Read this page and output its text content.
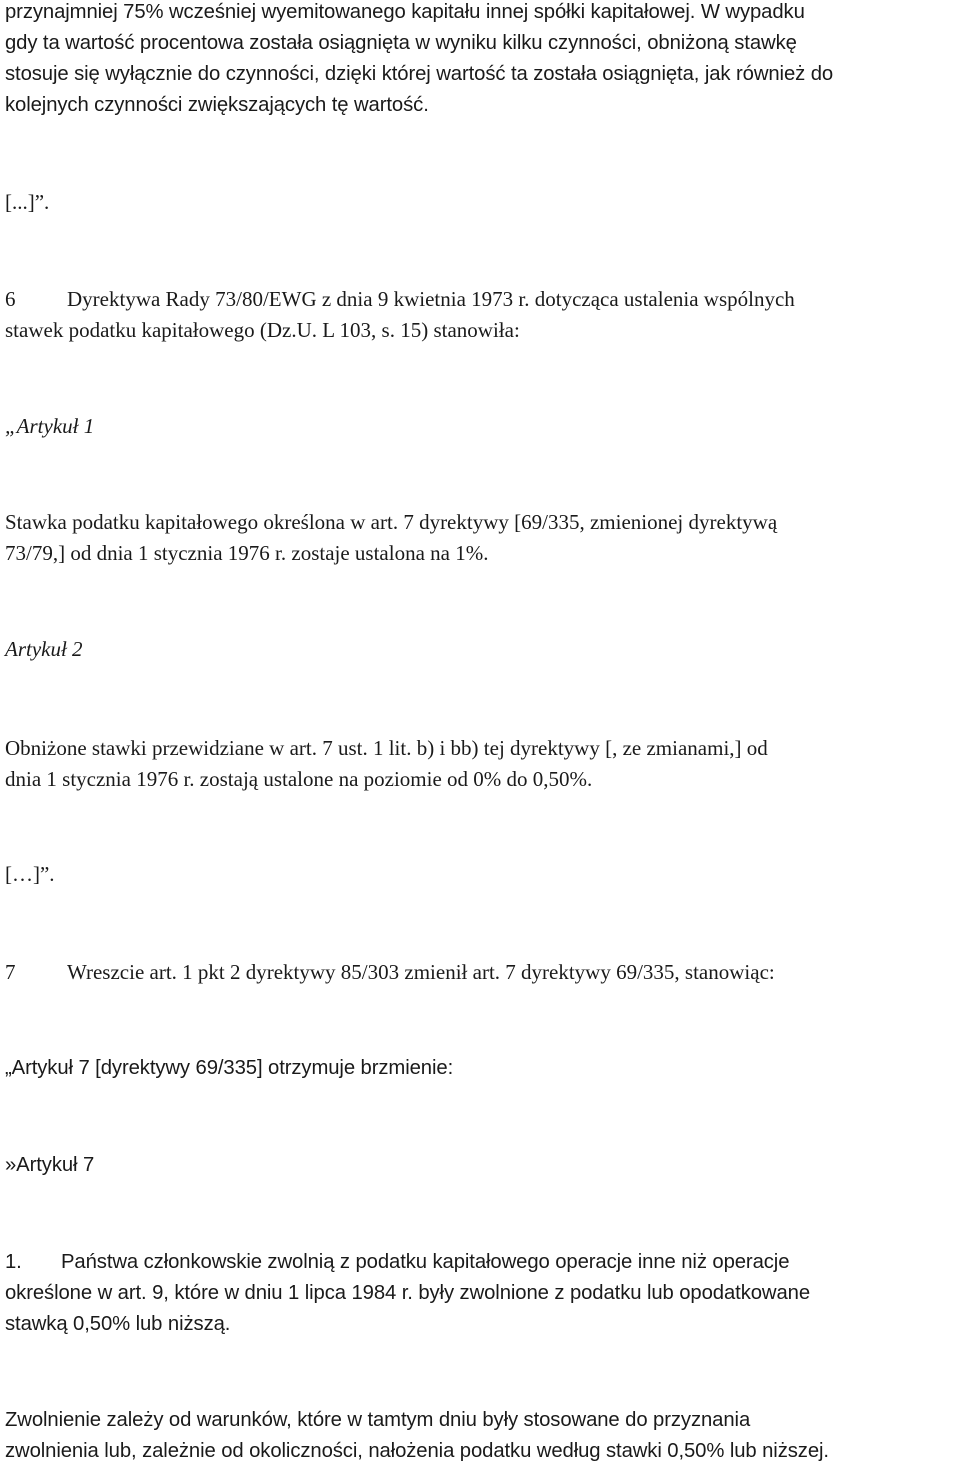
przynajmniej 75% wcześniej wyemitowanego kapitału innej spółki kapitałowej. W wypadku
gdy ta wartość procentowa została osiągnięta w wyniku kilku czynności, obniżoną stawkę
stosuje się wyłącznie do czynności, dzięki której wartość ta została osiągnięta, jak również do
kolejnych czynności zwiększających tę wartość.

[...]”.

6 Dyrektywa Rady 73/80/EWG z dnia 9 kwietnia 1973 r. dotycząca ustalenia wspólnych
stawek podatku kapitałowego (Dz.U. L 103, s. 15) stanowiła:

„Artykuł 1

Stawka podatku kapitałowego określona w art. 7 dyrektywy [69/335, zmienionej dyrektywą
73/79,] od dnia 1 stycznia 1976 r. zostaje ustalona na 1%.

Artykuł 2

Obniżone stawki przewidziane w art. 7 ust. 1 lit. b) i bb) tej dyrektywy [, ze zmianami,] od
dnia 1 stycznia 1976 r. zostają ustalone na poziomie od 0% do 0,50%.

[…]”.

7 Wreszcie art. 1 pkt 2 dyrektywy 85/303 zmienił art. 7 dyrektywy 69/335, stanowiąc:

„Artykuł 7 [dyrektywy 69/335] otrzymuje brzmienie:

»Artykuł 7

1. Państwa członkowskie zwolnią z podatku kapitałowego operacje inne niż operacje
określone w art. 9, które w dniu 1 lipca 1984 r. były zwolnione z podatku lub opodatkowane
stawką 0,50% lub niższą.

Zwolnienie zależy od warunków, które w tamtym dniu były stosowane do przyznania
zwolnienia lub, zależnie od okoliczności, nałożenia podatku według stawki 0,50% lub niższej.
